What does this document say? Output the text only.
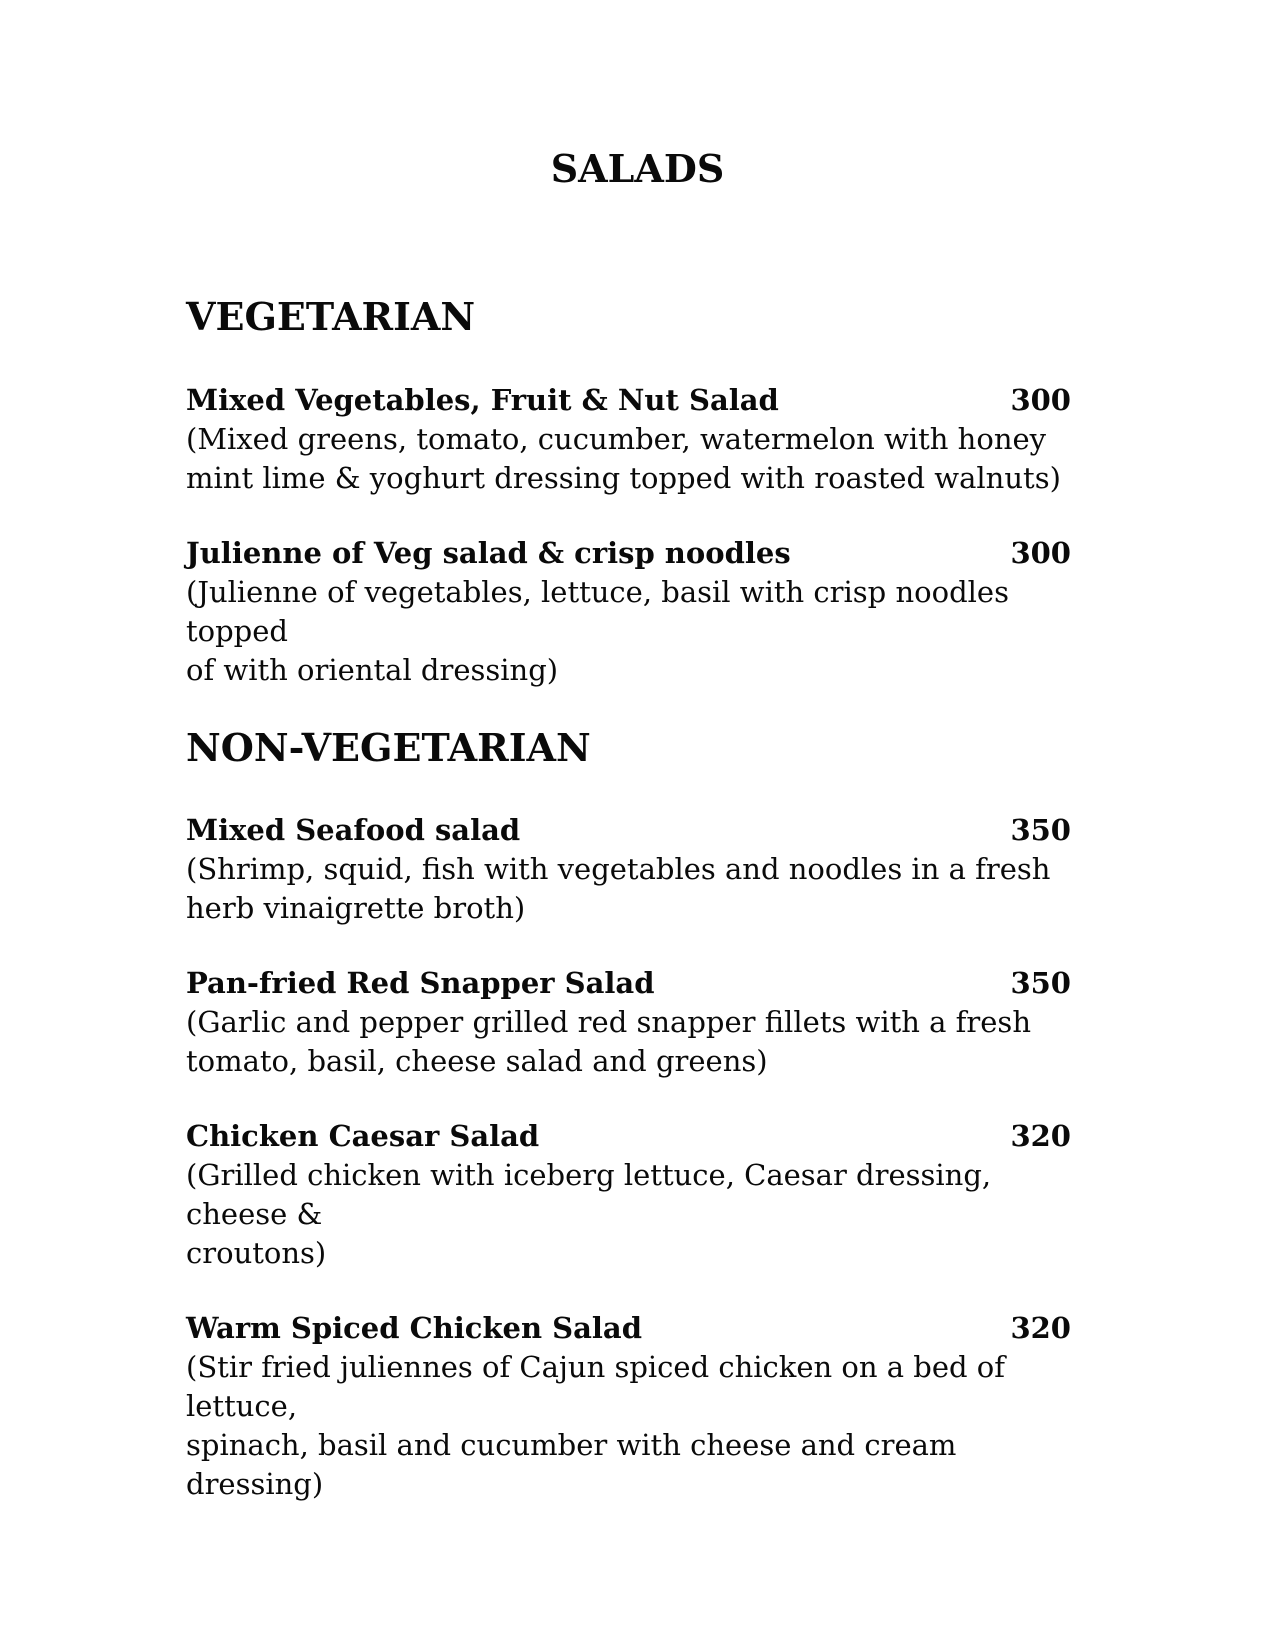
SALADS
VEGETARIAN
Mixed Vegetables, Fruit & Nut Salad	300
(Mixed greens, tomato, cucumber, watermelon with honey
mint lime & yoghurt dressing topped with roasted walnuts)
Julienne of Veg salad & crisp noodles	300
(Julienne of vegetables, lettuce, basil with crisp noodles topped
of with oriental dressing)
NON-VEGETARIAN
Mixed Seafood salad	350
(Shrimp, squid, fish with vegetables and noodles in a fresh
herb vinaigrette broth)
Pan-fried Red Snapper Salad	350
(Garlic and pepper grilled red snapper fillets with a fresh
tomato, basil, cheese salad and greens)
Chicken Caesar Salad	320
(Grilled chicken with iceberg lettuce, Caesar dressing, cheese &
croutons)
Warm Spiced Chicken Salad	320
(Stir fried juliennes of Cajun spiced chicken on a bed of lettuce,
spinach, basil and cucumber with cheese and cream dressing)
